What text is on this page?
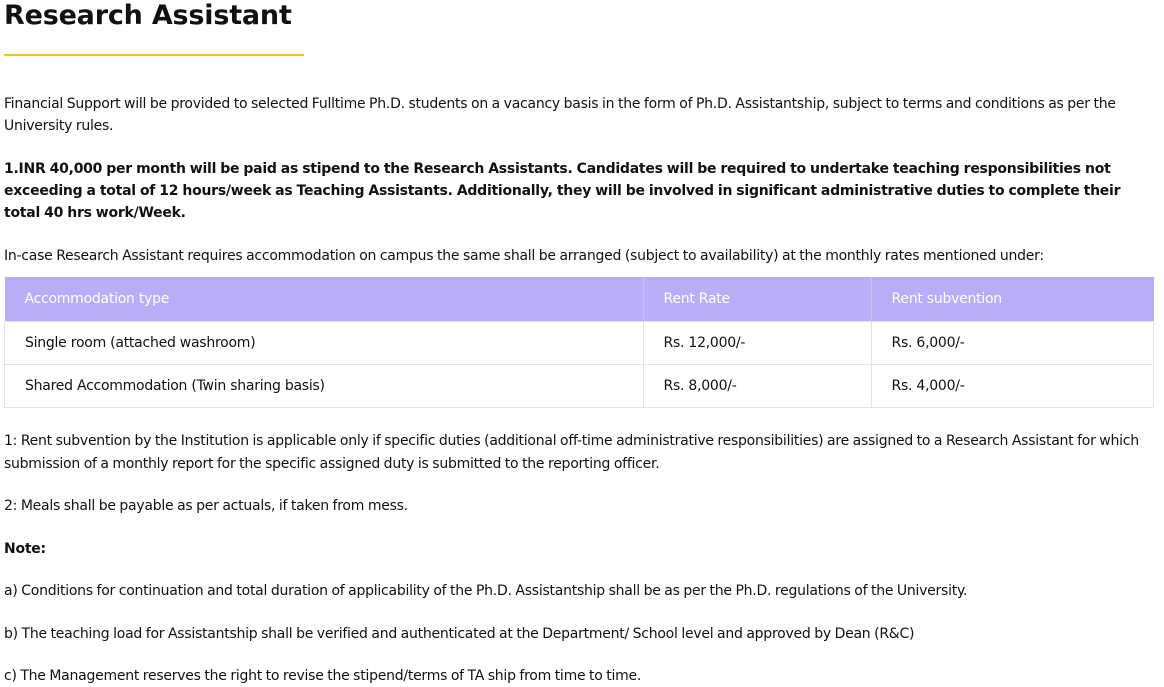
Research Assistant

Financial Support will be provided to selected Fulltime Ph.D. students on a vacancy basis in the form of Ph.D. Assistantship, subject to terms and conditions as per the University rules.

1.INR 40,000 per month will be paid as stipend to the Research Assistants. Candidates will be required to undertake teaching responsibilities not exceeding a total of 12 hours/week as Teaching Assistants. Additionally, they will be involved in significant administrative duties to complete their total 40 hrs work/Week.

In-case Research Assistant requires accommodation on campus the same shall be arranged (subject to availability) at the monthly rates mentioned under:

Accommodation type	Rent Rate	Rent subvention
Single room (attached washroom)	Rs. 12,000/-	Rs. 6,000/-
Shared Accommodation (Twin sharing basis)	Rs. 8,000/-	Rs. 4,000/-

1: Rent subvention by the Institution is applicable only if specific duties (additional off-time administrative responsibilities) are assigned to a Research Assistant for which submission of a monthly report for the specific assigned duty is submitted to the reporting officer.

2: Meals shall be payable as per actuals, if taken from mess.

Note:

a) Conditions for continuation and total duration of applicability of the Ph.D. Assistantship shall be as per the Ph.D. regulations of the University.

b) The teaching load for Assistantship shall be verified and authenticated at the Department/ School level and approved by Dean (R&C)

c) The Management reserves the right to revise the stipend/terms of TA ship from time to time.
